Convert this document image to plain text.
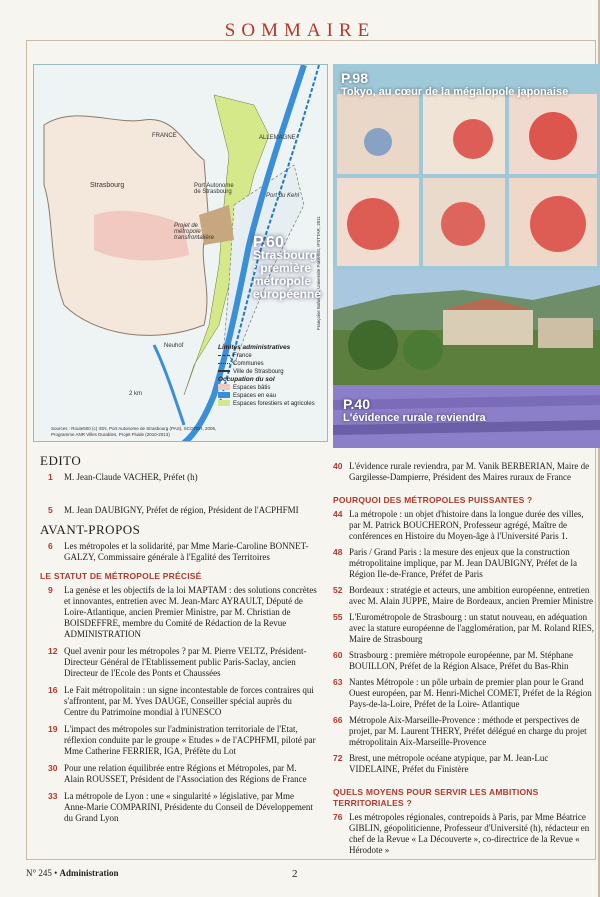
SOMMAIRE
FRANCE	ALLEMAGNE
Strasbourg	Port Autonome de Strasbourg
Port du Kehl
Projet de métropole transfrontalière
Neuhof
2 km
P.60
Strasbourg : première métropole européenne
Limites administratives
France
Communes
Ville de Strasbourg
Occupation du sol
Espaces bâtis
Espaces en eau
Espaces forestiers et agricoles
Sources : Route500 (c) IGN, Port Autonome de Strasbourg (PAS), SCOTER, 2006, Programme ANR Villes Durables, Projet Fluide (2010-2013)
P.98
Tokyo, au cœur de la mégalopole japonaise
P.40
L'évidence rurale reviendra
EDITO
1 M. Jean-Claude VACHER, Préfet (h)
5 M. Jean DAUBIGNY, Préfet de région, Président de l'ACPHFMI
AVANT-PROPOS
6 Les métropoles et la solidarité, par Mme Marie-Caroline BONNET-GALZY, Commissaire générale à l'Egalité des Territoires
LE STATUT DE MÉTROPOLE PRÉCISÉ
9 La genèse et les objectifs de la loi MAPTAM : des solutions concrètes et innovantes, entretien avec M. Jean-Marc AYRAULT, Député de Loire-Atlantique, ancien Premier Ministre, par M. Christian de BOISDEFFRE, membre du Comité de Rédaction de la Revue ADMINISTRATION
12 Quel avenir pour les métropoles ? par M. Pierre VELTZ, Président-Directeur Général de l'Etablissement public Paris-Saclay, ancien Directeur de l'Ecole des Ponts et Chaussées
16 Le Fait métropolitain : un signe incontestable de forces contraires qui s'affrontent, par M. Yves DAUGE, Conseiller spécial auprès du Centre du Patrimoine mondial à l'UNESCO
19 L'impact des métropoles sur l'administration territoriale de l'Etat, réflexion conduite par le groupe « Etudes » de l'ACPHFMI, piloté par Mme Catherine FERRIER, IGA, Préfète du Lot
30 Pour une relation équilibrée entre Régions et Métropoles, par M. Alain ROUSSET, Président de l'Association des Régions de France
33 La métropole de Lyon : une « singularité » législative, par Mme Anne-Marie COMPARINI, Présidente du Conseil de Développement du Grand Lyon
40 L'évidence rurale reviendra, par M. Vanik BERBERIAN, Maire de Gargilesse-Dampierre, Président des Maires ruraux de France
POURQUOI DES MÉTROPOLES PUISSANTES ?
44 La métropole : un objet d'histoire dans la longue durée des villes, par M. Patrick BOUCHERON, Professeur agrégé, Maître de conférences en Histoire du Moyen-âge à l'Université Paris 1.
48 Paris / Grand Paris : la mesure des enjeux que la construction métropolitaine implique, par M. Jean DAUBIGNY, Préfet de la Région Ile-de-France, Préfet de Paris
52 Bordeaux : stratégie et acteurs, une ambition européenne, entretien avec M. Alain JUPPE, Maire de Bordeaux, ancien Premier Ministre
55 L'Eurométropole de Strasbourg : un statut nouveau, en adéquation avec la stature européenne de l'agglomération, par M. Roland RIES, Maire de Strasbourg
60 Strasbourg : première métropole européenne, par M. Stéphane BOUILLON, Préfet de la Région Alsace, Préfet du Bas-Rhin
63 Nantes Métropole : un pôle urbain de premier plan pour le Grand Ouest européen, par M. Henri-Michel COMET, Préfet de la Région Pays-de-la-Loire, Préfet de la Loire- Atlantique
66 Métropole Aix-Marseille-Provence : méthode et perspectives de projet, par M. Laurent THERY, Préfet délégué en charge du projet métropolitain Aix-Marseille-Provence
72 Brest, une métropole océane atypique, par M. Jean-Luc VIDELAINE, Préfet du Finistère
QUELS MOYENS POUR SERVIR LES AMBITIONS TERRITORIALES ?
76 Les métropoles régionales, contrepoids à Paris, par Mme Béatrice GIBLIN, géopoliticienne, Professeur d'Université (h), rédacteur en chef de la Revue « La Découverte », co-directrice de la Revue « Hérodote »
N° 245 • Administration	2
